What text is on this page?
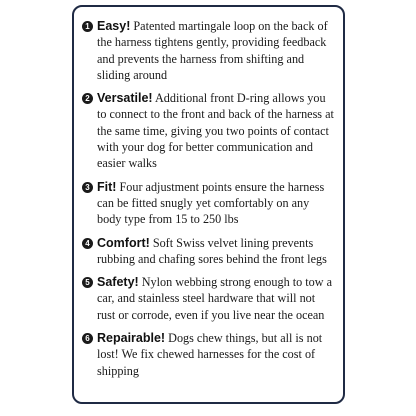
1 Easy! Patented martingale loop on the back of the harness tightens gently, providing feedback and prevents the harness from shifting and sliding around
2 Versatile! Additional front D-ring allows you to connect to the front and back of the harness at the same time, giving you two points of contact with your dog for better communication and easier walks
3 Fit! Four adjustment points ensure the harness can be fitted snugly yet comfortably on any body type from 15 to 250 lbs
4 Comfort! Soft Swiss velvet lining prevents rubbing and chafing sores behind the front legs
5 Safety! Nylon webbing strong enough to tow a car, and stainless steel hardware that will not rust or corrode, even if you live near the ocean
6 Repairable! Dogs chew things, but all is not lost! We fix chewed harnesses for the cost of shipping
